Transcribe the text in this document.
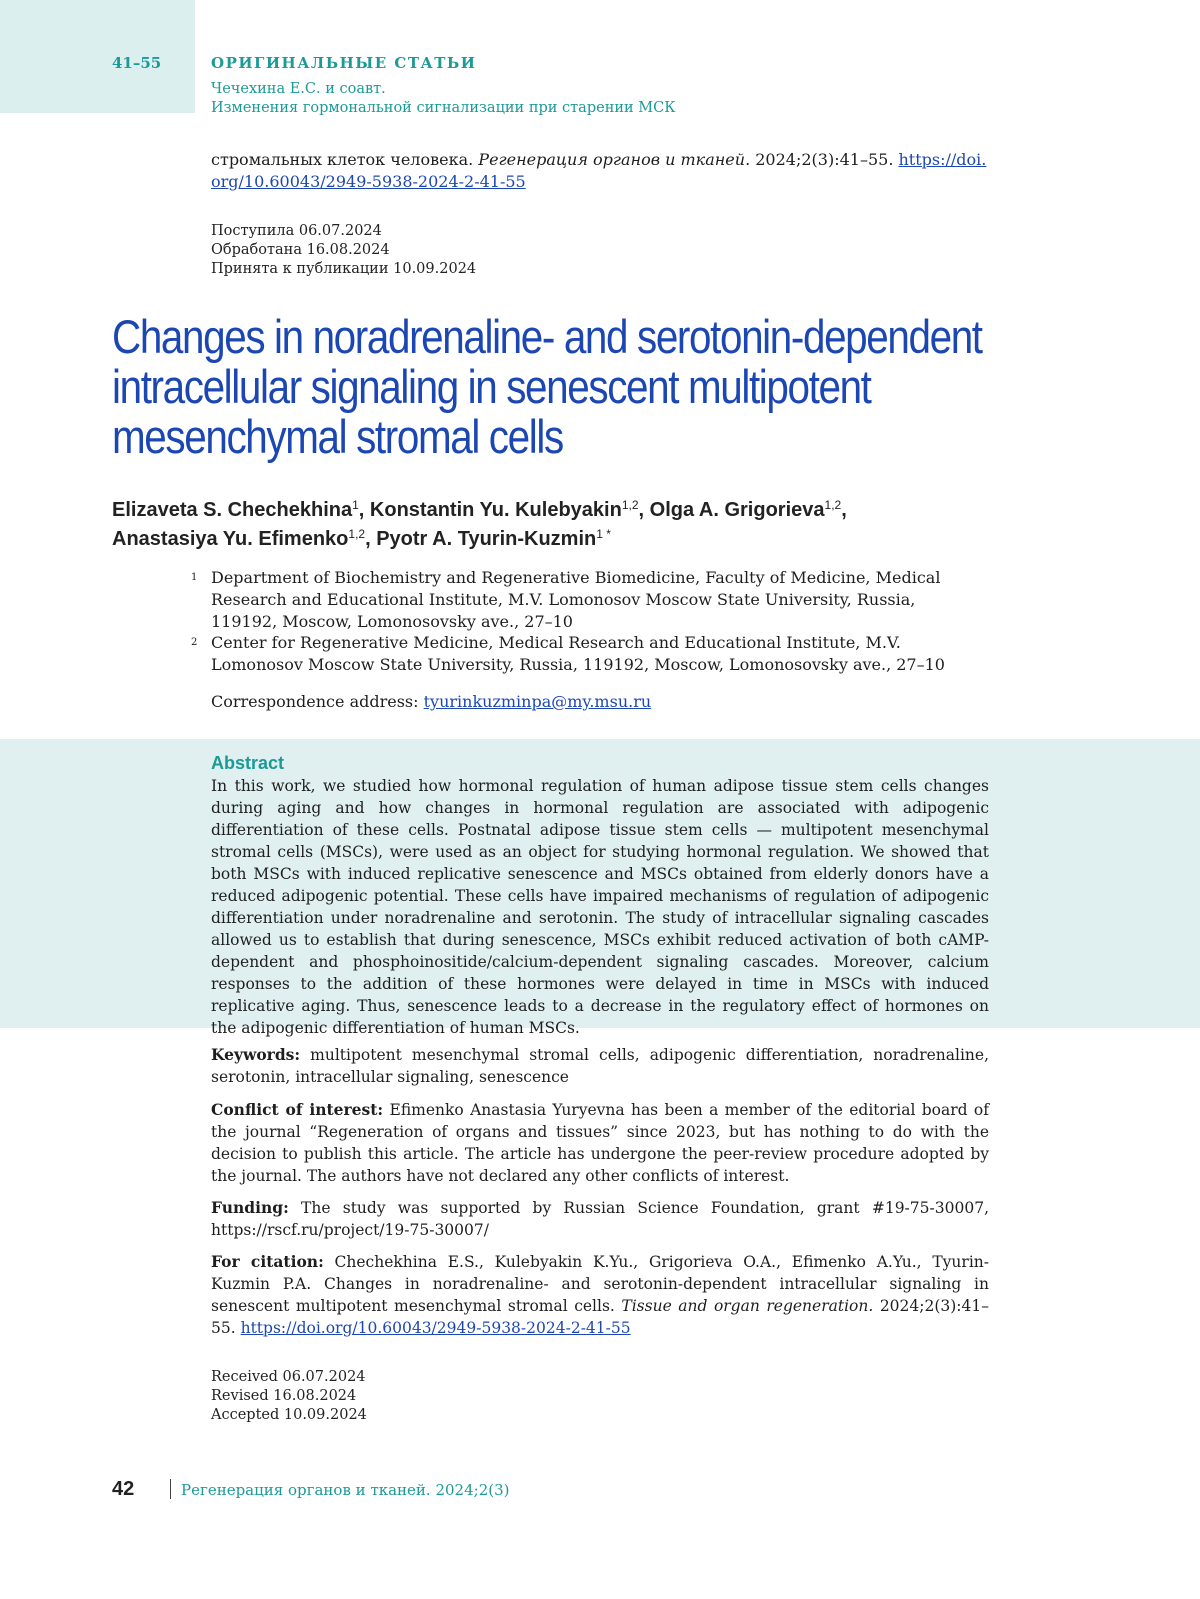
41–55	ОРИГИНАЛЬНЫЕ СТАТЬИ
Чечехина Е.С. и соавт.
Изменения гормональной сигнализации при старении МСК
стромальных клеток человека. Регенерация органов и тканей. 2024;2(3):41–55. https://doi.
org/10.60043/2949-5938-2024-2-41-55
Поступила 06.07.2024
Обработана 16.08.2024
Принята к публикации 10.09.2024
Changes in noradrenaline- and serotonin-dependent
intracellular signaling in senescent multipotent
mesenchymal stromal cells
Elizaveta S. Chechekhina1, Konstantin Yu. Kulebyakin1,2, Olga A. Grigorieva1,2,
Anastasiya Yu. Efimenko1,2, Pyotr A. Tyurin-Kuzmin1 *
1 Department of Biochemistry and Regenerative Biomedicine, Faculty of Medicine, Medical Research and Educational Institute, M.V. Lomonosov Moscow State University, Russia, 119192, Moscow, Lomonosovsky ave., 27–10
2 Center for Regenerative Medicine, Medical Research and Educational Institute, M.V. Lomonosov Moscow State University, Russia, 119192, Moscow, Lomonosovsky ave., 27–10
Correspondence address: tyurinkuzminpa@my.msu.ru
Abstract
In this work, we studied how hormonal regulation of human adipose tissue stem cells changes during aging and how changes in hormonal regulation are associated with adipogenic differentiation of these cells. Postnatal adipose tissue stem cells — multipotent mesenchymal stromal cells (MSCs), were used as an object for studying hormonal regulation. We showed that both MSCs with induced replicative senescence and MSCs obtained from elderly donors have a reduced adipogenic potential. These cells have impaired mechanisms of regulation of adipogenic differentiation under noradrenaline and serotonin. The study of intracellular signaling cascades allowed us to establish that during senescence, MSCs exhibit reduced activation of both cAMP-dependent and phosphoinositide/calcium-dependent signaling cascades. Moreover, calcium responses to the addition of these hormones were delayed in time in MSCs with induced replicative aging. Thus, senescence leads to a decrease in the regulatory effect of hormones on the adipogenic differentiation of human MSCs.
Keywords: multipotent mesenchymal stromal cells, adipogenic differentiation, noradrenaline, serotonin, intracellular signaling, senescence
Conflict of interest: Efimenko Anastasia Yuryevna has been a member of the editorial board of the journal “Regeneration of organs and tissues” since 2023, but has nothing to do with the decision to publish this article. The article has undergone the peer-review procedure adopted by the journal. The authors have not declared any other conflicts of interest.
Funding: The study was supported by Russian Science Foundation, grant #19-75-30007, https://rscf.ru/project/19-75-30007/
For citation: Chechekhina E.S., Kulebyakin K.Yu., Grigorieva O.A., Efimenko A.Yu., Tyurin-Kuzmin P.A. Changes in noradrenaline- and serotonin-dependent intracellular signaling in senescent multipotent mesenchymal stromal cells. Tissue and organ regeneration. 2024;2(3):41–55. https://doi.org/10.60043/2949-5938-2024-2-41-55
Received 06.07.2024
Revised 16.08.2024
Accepted 10.09.2024
42	Регенерация органов и тканей. 2024;2(3)
